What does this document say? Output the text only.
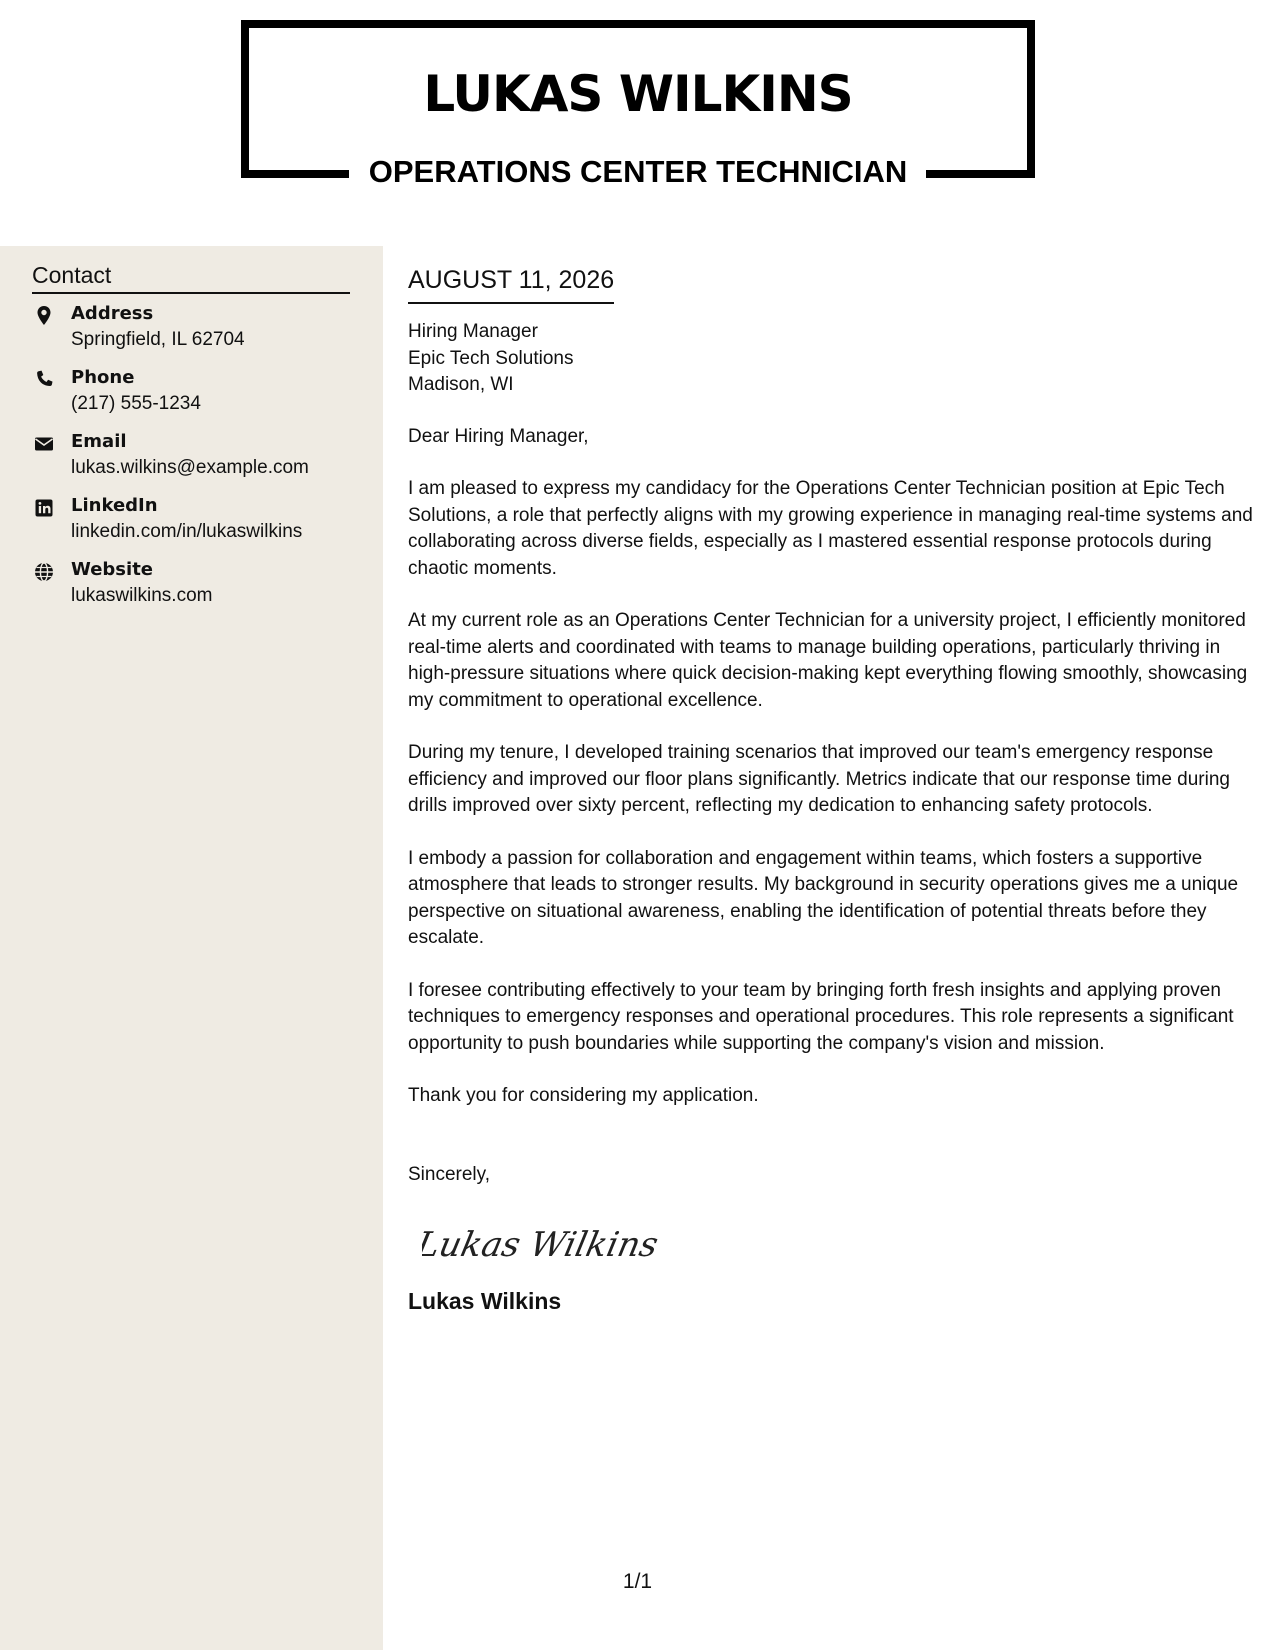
LUKAS WILKINS
OPERATIONS CENTER TECHNICIAN
Contact
Address
Springfield, IL 62704
Phone
(217) 555-1234
Email
lukas.wilkins@example.com
LinkedIn
linkedin.com/in/lukaswilkins
Website
lukaswilkins.com
AUGUST 11, 2026
Hiring Manager
Epic Tech Solutions
Madison, WI
Dear Hiring Manager,

I am pleased to express my candidacy for the Operations Center Technician position at Epic Tech Solutions, a role that perfectly aligns with my growing experience in managing real-time systems and collaborating across diverse fields, especially as I mastered essential response protocols during chaotic moments.

At my current role as an Operations Center Technician for a university project, I efficiently monitored real-time alerts and coordinated with teams to manage building operations, particularly thriving in high-pressure situations where quick decision-making kept everything flowing smoothly, showcasing my commitment to operational excellence.

During my tenure, I developed training scenarios that improved our team's emergency response efficiency and improved our floor plans significantly. Metrics indicate that our response time during drills improved over sixty percent, reflecting my dedication to enhancing safety protocols.

I embody a passion for collaboration and engagement within teams, which fosters a supportive atmosphere that leads to stronger results. My background in security operations gives me a unique perspective on situational awareness, enabling the identification of potential threats before they escalate.

I foresee contributing effectively to your team by bringing forth fresh insights and applying proven techniques to emergency responses and operational procedures. This role represents a significant opportunity to push boundaries while supporting the company's vision and mission.

Thank you for considering my application.

Sincerely,
Lukas Wilkins
Lukas Wilkins
1/1
